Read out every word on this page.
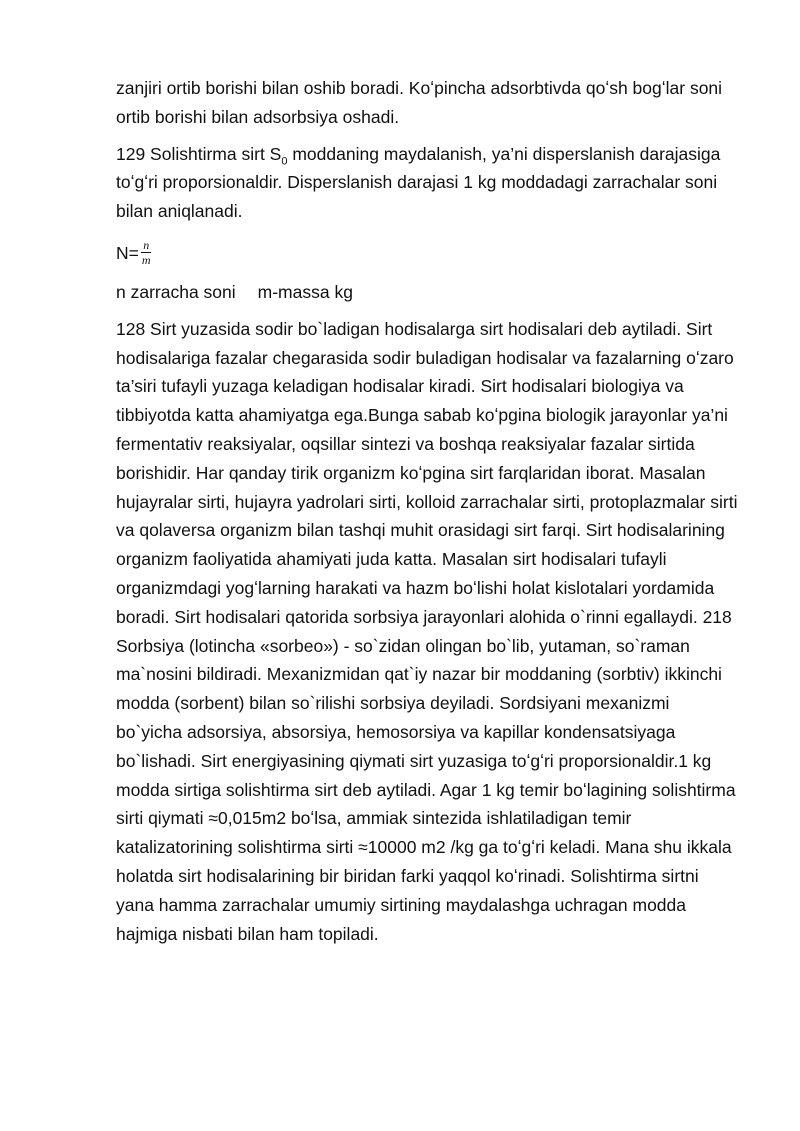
zanjiri ortib borishi bilan oshib boradi. Koʻpincha adsorbtivda qoʻsh bogʻlar soni ortib borishi bilan adsorbsiya oshadi.

129 Solishtirma sirt $S_0$ moddaning maydalanish, ya’ni disperslanish darajasiga toʻgʻri proporsionaldir. Disperslanish darajasi 1 kg moddadagi zarrachalar soni bilan aniqlanadi.

$N= \frac{n}{m}$

n zarracha soni m-massa kg

128 Sirt yuzasida sodir bo`ladigan hodisalarga sirt hodisalari deb aytiladi. Sirt hodisalariga fazalar chegarasida sodir buladigan hodisalar va fazalarning oʻzaro ta’siri tufayli yuzaga keladigan hodisalar kiradi. Sirt hodisalari biologiya va tibbiyotda katta ahamiyatga ega.Bunga sabab koʻpgina biologik jarayonlar ya’ni fermentativ reaksiyalar, oqsillar sintezi va boshqa reaksiyalar fazalar sirtida borishidir. Har qanday tirik organizm koʻpgina sirt farqlaridan iborat. Masalan hujayralar sirti, hujayra yadrolari sirti, kolloid zarrachalar sirti, protoplazmalar sirti va qolaversa organizm bilan tashqi muhit orasidagi sirt farqi. Sirt hodisalarining organizm faoliyatida ahamiyati juda katta. Masalan sirt hodisalari tufayli organizmdagi yogʻlarning harakati va hazm boʻlishi holat kislotalari yordamida boradi. Sirt hodisalari qatorida sorbsiya jarayonlari alohida o`rinni egallaydi. 218 Sorbsiya (lotincha «sorbeo») - so`zidan olingan bo`lib, yutaman, so`raman ma`nosini bildiradi. Mexanizmidan qat`iy nazar bir moddaning (sorbtiv) ikkinchi modda (sorbent) bilan so`rilishi sorbsiya deyiladi. Sordsiyani mexanizmi bo`yicha adsorsiya, absorsiya, hemosorsiya va kapillar kondensatsiyaga bo`lishadi. Sirt energiyasining qiymati sirt yuzasiga toʻgʻri proporsionaldir.1 kg modda sirtiga solishtirma sirt deb aytiladi. Agar 1 kg temir boʻlagining solishtirma sirti qiymati ≈0,015m2 boʻlsa, ammiak sintezida ishlatiladigan temir katalizatorining solishtirma sirti ≈10000 m2 /kg ga toʻgʻri keladi. Mana shu ikkala holatda sirt hodisalarining bir biridan farki yaqqol koʻrinadi. Solishtirma sirtni yana hamma zarrachalar umumiy sirtining maydalashga uchragan modda hajmiga nisbati bilan ham topiladi.
